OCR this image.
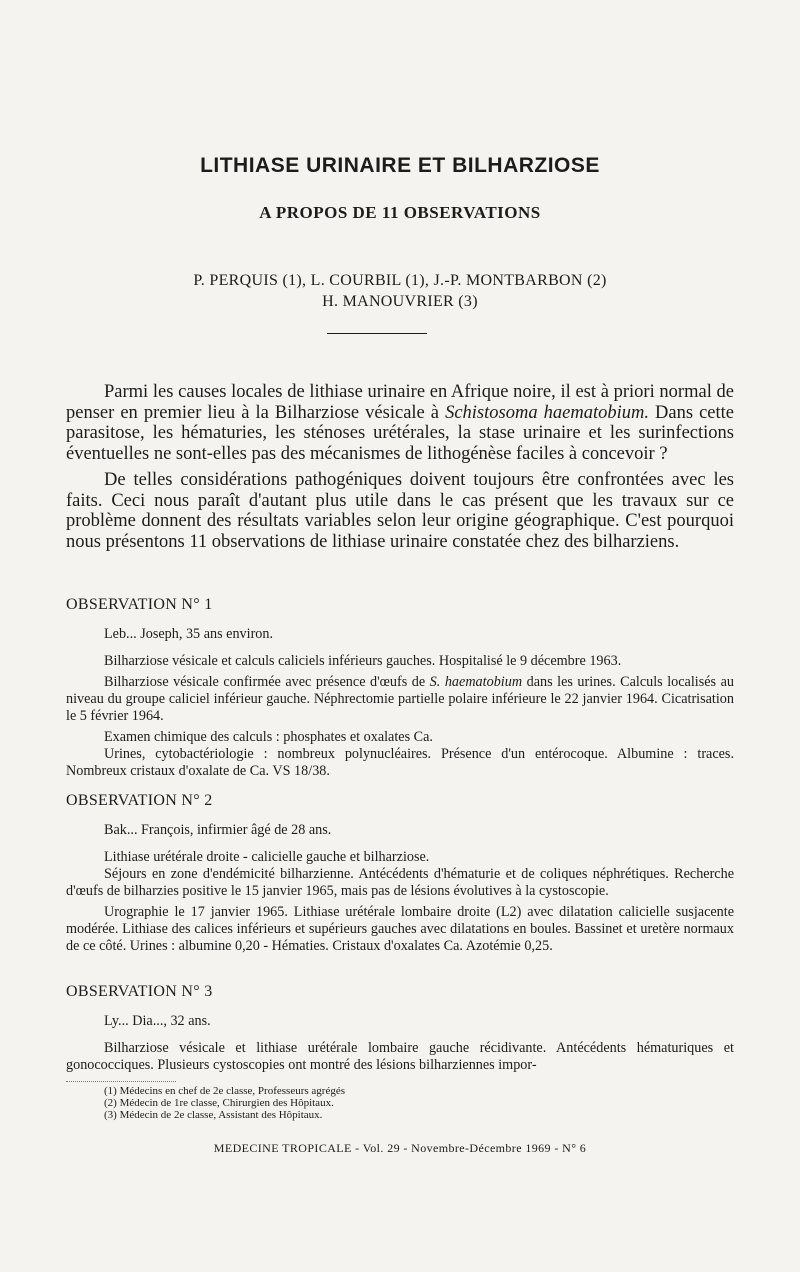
LITHIASE URINAIRE ET BILHARZIOSE
A PROPOS DE 11 OBSERVATIONS
P. PERQUIS (1), L. COURBIL (1), J.-P. MONTBARBON (2)
H. MANOUVRIER (3)

Parmi les causes locales de lithiase urinaire en Afrique noire, il est à priori normal de penser en premier lieu à la Bilharziose vésicale à Schistosoma haematobium. Dans cette parasitose, les hématuries, les sténoses urétérales, la stase urinaire et les surinfections éventuelles ne sont-elles pas des mécanismes de lithogénèse faciles à concevoir ?

De telles considérations pathogéniques doivent toujours être confrontées avec les faits. Ceci nous paraît d'autant plus utile dans le cas présent que les travaux sur ce problème donnent des résultats variables selon leur origine géographique. C'est pourquoi nous présentons 11 observations de lithiase urinaire constatée chez des bilharziens.

OBSERVATION N° 1

Leb... Joseph, 35 ans environ.

Bilharziose vésicale et calculs caliciels inférieurs gauches. Hospitalisé le 9 décembre 1963.

Bilharziose vésicale confirmée avec présence d'œufs de S. haematobium dans les urines. Calculs localisés au niveau du groupe caliciel inférieur gauche. Néphrectomie partielle polaire inférieure le 22 janvier 1964. Cicatrisation le 5 février 1964.

Examen chimique des calculs : phosphates et oxalates Ca.

Urines, cytobactériologie : nombreux polynucléaires. Présence d'un entérocoque. Albumine : traces. Nombreux cristaux d'oxalate de Ca. VS 18/38.

OBSERVATION N° 2

Bak... François, infirmier âgé de 28 ans.

Lithiase urétérale droite - calicielle gauche et bilharziose.

Séjours en zone d'endémicité bilharzienne. Antécédents d'hématurie et de coliques néphrétiques. Recherche d'œufs de bilharzies positive le 15 janvier 1965, mais pas de lésions évolutives à la cystoscopie.

Urographie le 17 janvier 1965. Lithiase urétérale lombaire droite (L2) avec dilatation calicielle susjacente modérée. Lithiase des calices inférieurs et supérieurs gauches avec dilatations en boules. Bassinet et uretère normaux de ce côté. Urines : albumine 0,20 - Hématies. Cristaux d'oxalates Ca. Azotémie 0,25.

OBSERVATION N° 3

Ly... Dia..., 32 ans.

Bilharziose vésicale et lithiase urétérale lombaire gauche récidivante. Antécédents hématuriques et gonococciques. Plusieurs cystoscopies ont montré des lésions bilharziennes impor-

(1) Médecins en chef de 2e classe, Professeurs agrégés
(2) Médecin de 1re classe, Chirurgien des Hôpitaux.
(3) Médecin de 2e classe, Assistant des Hôpitaux.
MEDECINE TROPICALE - Vol. 29 - Novembre-Décembre 1969 - N° 6
